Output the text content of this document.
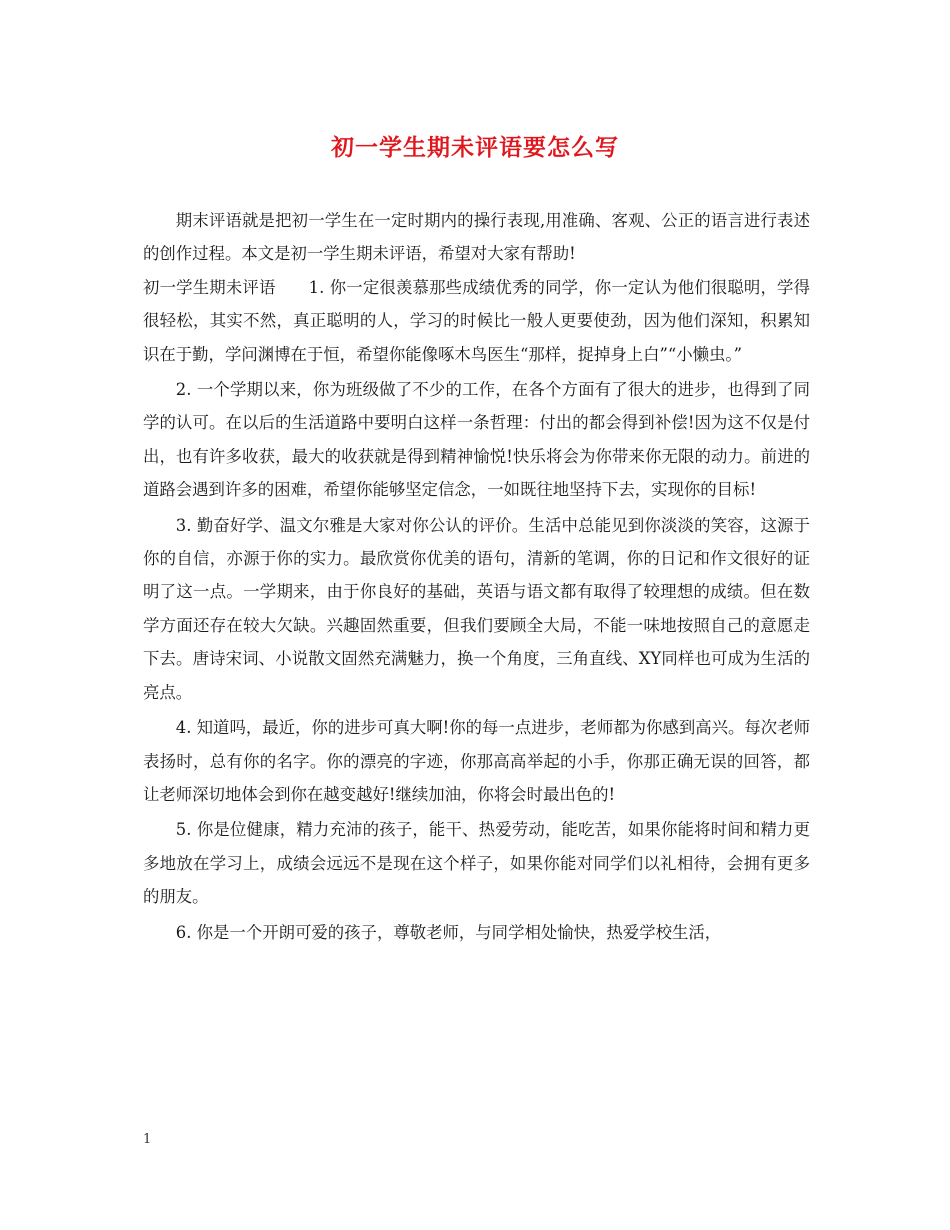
初一学生期未评语要怎么写

期末评语就是把初一学生在一定时期内的操行表现,用准确、客观、公正的语言进行表述的创作过程。本文是初一学生期未评语，希望对大家有帮助!

初一学生期未评语　　1. 你一定很羡慕那些成绩优秀的同学，你一定认为他们很聪明，学得很轻松，其实不然，真正聪明的人，学习的时候比一般人更要使劲，因为他们深知，积累知识在于勤，学问渊博在于恒，希望你能像啄木鸟医生“那样，捉掉身上白”“小懒虫。”

2. 一个学期以来，你为班级做了不少的工作，在各个方面有了很大的进步，也得到了同学的认可。在以后的生活道路中要明白这样一条哲理：付出的都会得到补偿!因为这不仅是付出，也有许多收获，最大的收获就是得到精神愉悦!快乐将会为你带来你无限的动力。前进的道路会遇到许多的困难，希望你能够坚定信念，一如既往地坚持下去，实现你的目标!

3. 勤奋好学、温文尔雅是大家对你公认的评价。生活中总能见到你淡淡的笑容，这源于你的自信，亦源于你的实力。最欣赏你优美的语句，清新的笔调，你的日记和作文很好的证明了这一点。一学期来，由于你良好的基础，英语与语文都有取得了较理想的成绩。但在数学方面还存在较大欠缺。兴趣固然重要，但我们要顾全大局，不能一味地按照自己的意愿走下去。唐诗宋词、小说散文固然充满魅力，换一个角度，三角直线、XY同样也可成为生活的亮点。

4. 知道吗，最近，你的进步可真大啊!你的每一点进步，老师都为你感到高兴。每次老师表扬时，总有你的名字。你的漂亮的字迹，你那高高举起的小手，你那正确无误的回答，都让老师深切地体会到你在越变越好!继续加油，你将会时最出色的!

5. 你是位健康，精力充沛的孩子，能干、热爱劳动，能吃苦，如果你能将时间和精力更多地放在学习上，成绩会远远不是现在这个样子，如果你能对同学们以礼相待，会拥有更多的朋友。

6. 你是一个开朗可爱的孩子，尊敬老师，与同学相处愉快，热爱学校生活，

1
